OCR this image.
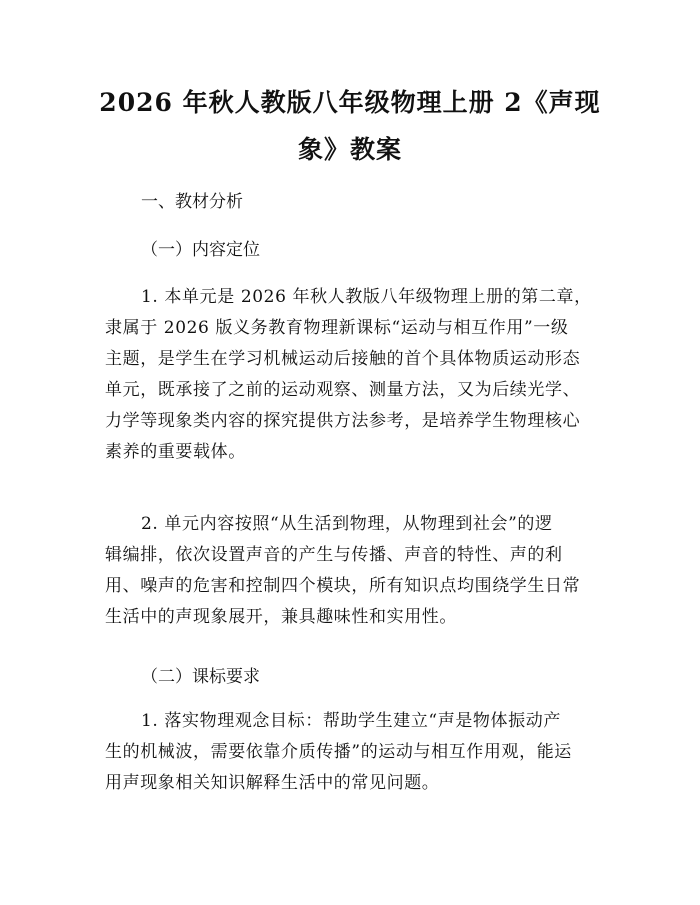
2026 年秋人教版八年级物理上册 2《声现
象》教案

一、教材分析

（一）内容定位

1. 本单元是 2026 年秋人教版八年级物理上册的第二章，
隶属于 2026 版义务教育物理新课标“运动与相互作用”一级
主题，是学生在学习机械运动后接触的首个具体物质运动形态
单元，既承接了之前的运动观察、测量方法，又为后续光学、
力学等现象类内容的探究提供方法参考，是培养学生物理核心
素养的重要载体。
2. 单元内容按照“从生活到物理，从物理到社会”的逻
辑编排，依次设置声音的产生与传播、声音的特性、声的利
用、噪声的危害和控制四个模块，所有知识点均围绕学生日常
生活中的声现象展开，兼具趣味性和实用性。

（二）课标要求

1. 落实物理观念目标：帮助学生建立“声是物体振动产
生的机械波，需要依靠介质传播”的运动与相互作用观，能运
用声现象相关知识解释生活中的常见问题。
